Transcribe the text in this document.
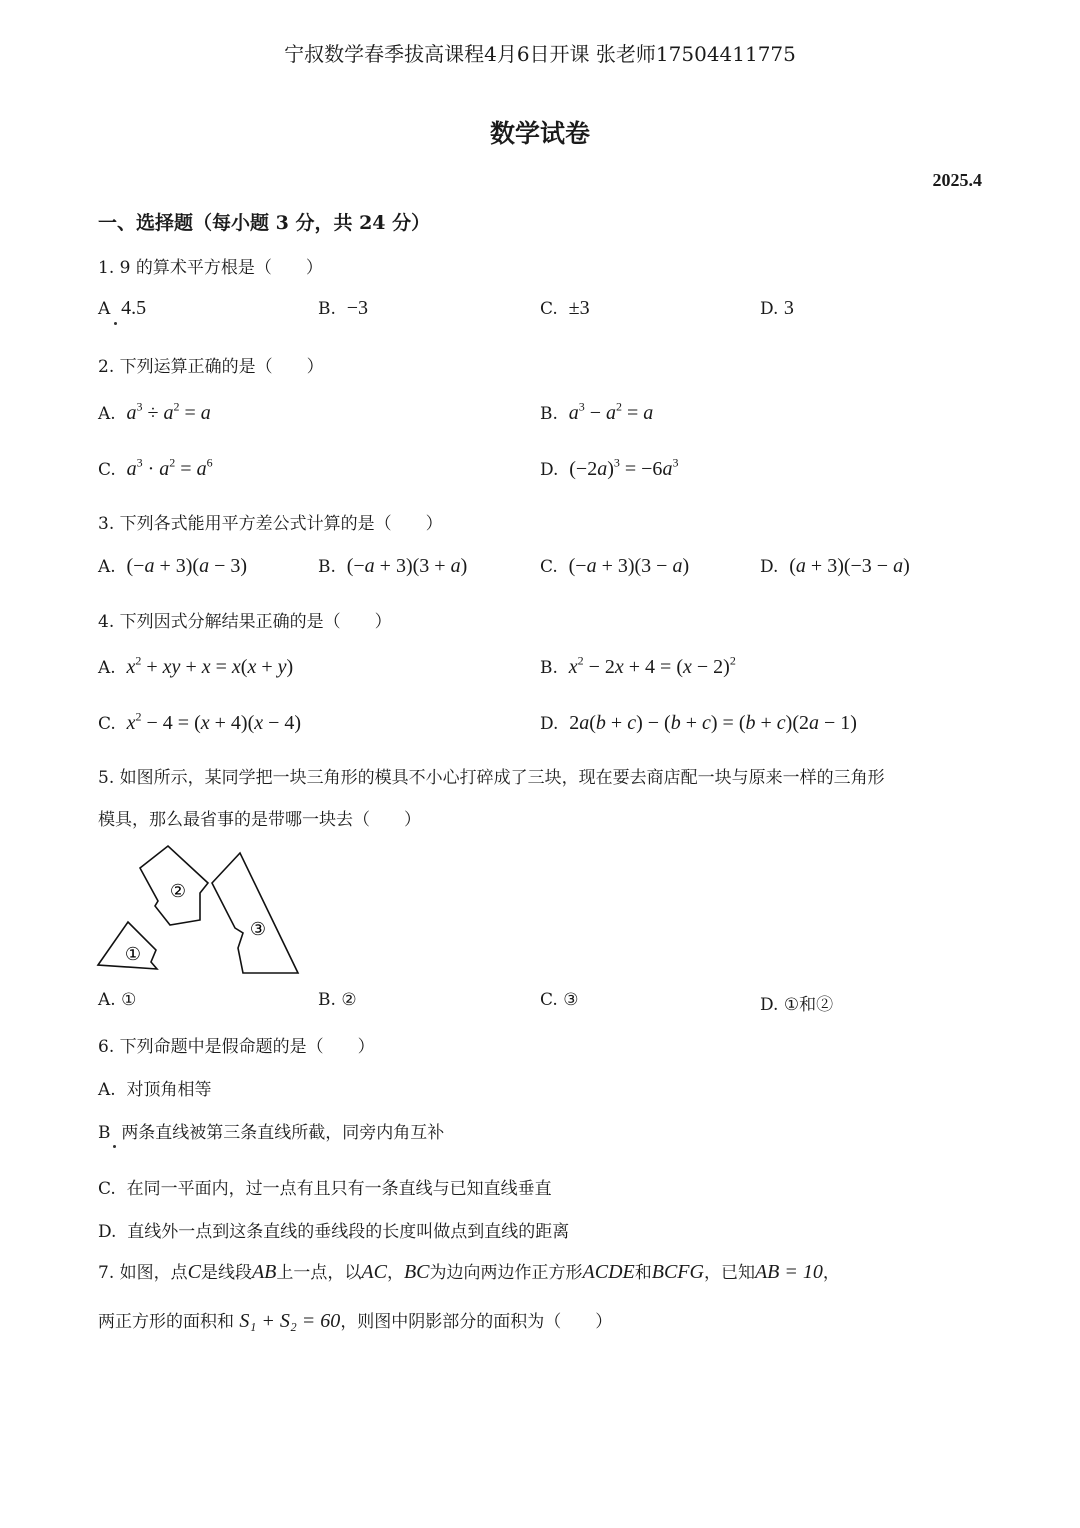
宁叔数学春季拔高课程4月6日开课 张老师17504411775
数学试卷
2025.4
一、选择题（每小题 3 分，共 24 分）
1. 9 的算术平方根是（　　）
A 4.5	B. −3	C. ±3	D. 3
2. 下列运算正确的是（　　）
A. $a^3 \div a^2 = a$	B. $a^3 - a^2 = a$
C. $a^3 \cdot a^2 = a^6$	D. $(-2a)^3 = -6a^3$
3. 下列各式能用平方差公式计算的是（　　）
A. (−a + 3)(a − 3)	B. (−a + 3)(3 + a)	C. (−a + 3)(3 − a)	D. (a + 3)(−3 − a)
4. 下列因式分解结果正确的是（　　）
A. $x^2$ + xy + x = x(x + y)	B. $x^2 - 2x + 4 = (x - 2)^2$
C. $x^2 - 4 = (x + 4)(x - 4)$	D. 2a(b + c) − (b + c) = (b + c)(2a − 1)
5. 如图所示，某同学把一块三角形的模具不小心打碎成了三块，现在要去商店配一块与原来一样的三角形
模具，那么最省事的是带哪一块去（　　）
①
②
③
A. ①	B. ②	C. ③	D. ①和②
6. 下列命题中是假命题的是（　　）
A. 对顶角相等
B 两条直线被第三条直线所截，同旁内角互补
C. 在同一平面内，过一点有且只有一条直线与已知直线垂直
D. 直线外一点到这条直线的垂线段的长度叫做点到直线的距离
7. 如图，点C是线段AB上一点，以AC，BC为边向两边作正方形ACDE和BCFG，已知AB = 10，
两正方形的面积和 S₁ + S₂ = 60，则图中阴影部分的面积为（　　）
